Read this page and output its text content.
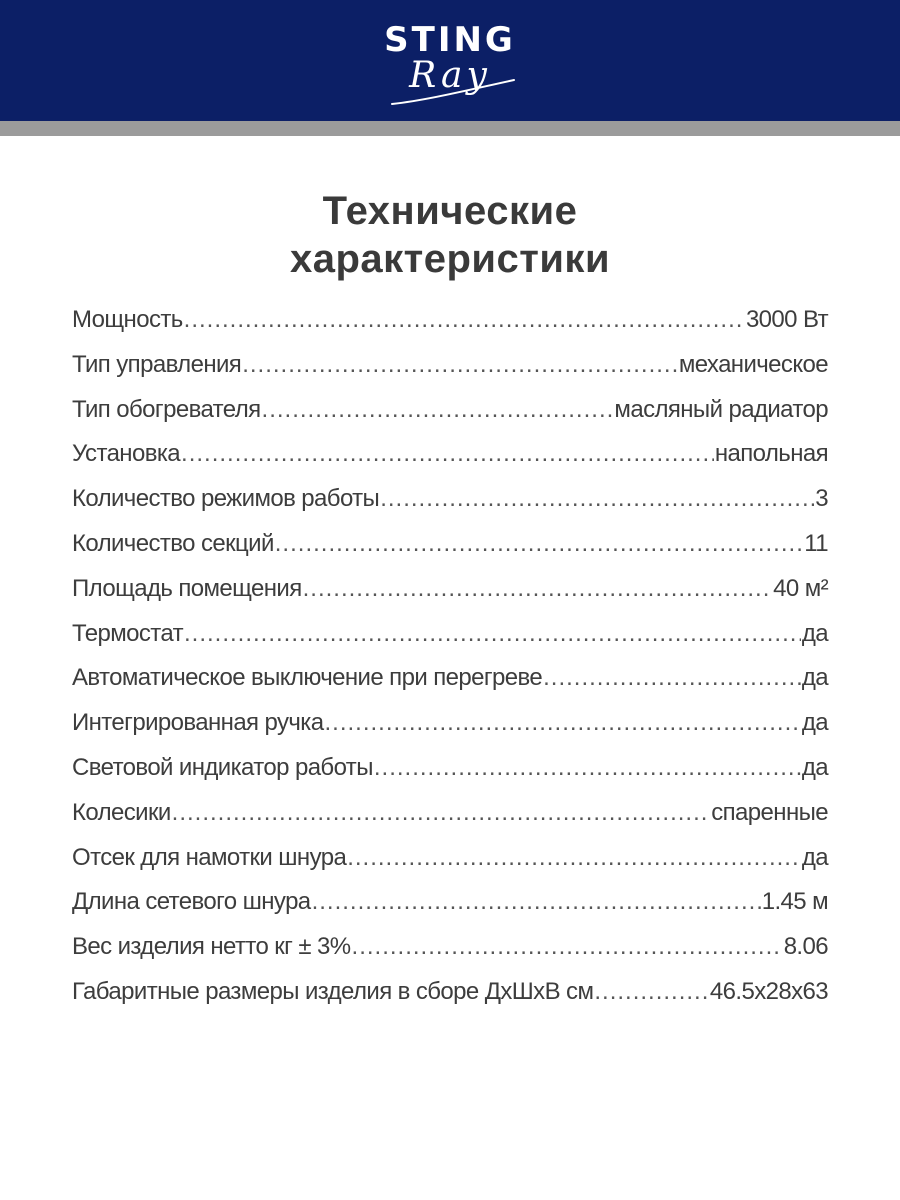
STING
Ray
Технические
характеристики
Мощность .....	3000 Вт
Тип управления .....	механическое
Тип обогревателя .....	масляный радиатор
Установка .....	напольная
Количество режимов работы .....	3
Количество секций .....	11
Площадь помещения .....	40 м²
Термостат .....	да
Автоматическое выключение при перегреве .....	да
Интегрированная ручка .....	да
Световой индикатор работы .....	да
Колесики .....	спаренные
Отсек для намотки шнура .....	да
Длина сетевого шнура .....	1.45 м
Вес изделия нетто кг ± 3% .....	8.06
Габаритные размеры изделия в сборе ДхШхВ см .....	46.5x28x63
